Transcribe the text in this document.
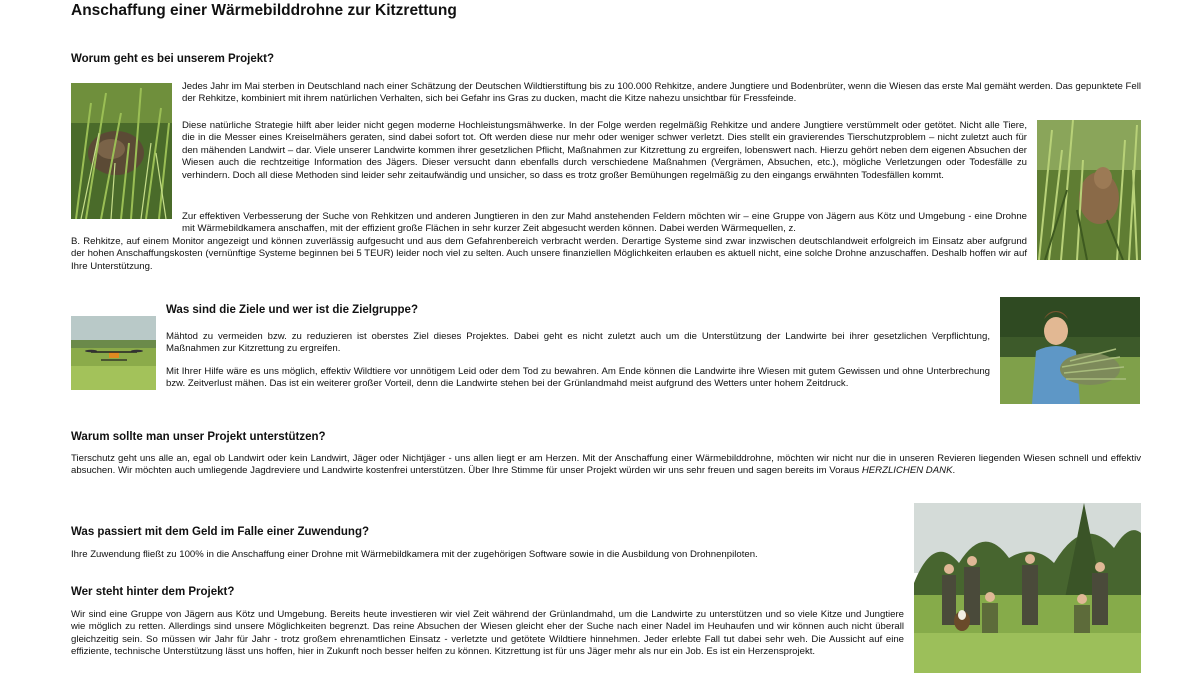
Anschaffung einer Wärmebilddrohne zur Kitzrettung
Worum geht es bei unserem Projekt?

Jedes Jahr im Mai sterben in Deutschland nach einer Schätzung der Deutschen Wildtierstiftung bis zu 100.000 Rehkitze, andere Jungtiere und Bodenbrüter, wenn die Wiesen das erste Mal gemäht werden. Das gepunktete Fell der Rehkitze, kombiniert mit ihrem natürlichen Verhalten, sich bei Gefahr ins Gras zu ducken, macht die Kitze nahezu unsichtbar für Fressfeinde.

Diese natürliche Strategie hilft aber leider nicht gegen moderne Hochleistungsmähwerke. In der Folge werden regelmäßig Rehkitze und andere Jungtiere verstümmelt oder getötet. Nicht alle Tiere, die in die Messer eines Kreiselmähers geraten, sind dabei sofort tot. Oft werden diese nur mehr oder weniger schwer verletzt. Dies stellt ein gravierendes Tierschutzproblem – nicht zuletzt auch für den mähenden Landwirt – dar. Viele unserer Landwirte kommen ihrer gesetzlichen Pflicht, Maßnahmen zur Kitzrettung zu ergreifen, lobenswert nach. Hierzu gehört neben dem eigenen Absuchen der Wiesen auch die rechtzeitige Information des Jägers. Dieser versucht dann ebenfalls durch verschiedene Maßnahmen (Vergrämen, Absuchen, etc.), mögliche Verletzungen oder Todesfälle zu verhindern. Doch all diese Methoden sind leider sehr zeitaufwändig und unsicher, so dass es trotz großer Bemühungen regelmäßig zu den eingangs erwähnten Todesfällen kommt.

Zur effektiven Verbesserung der Suche von Rehkitzen und anderen Jungtieren in den zur Mahd anstehenden Feldern möchten wir – eine Gruppe von Jägern aus Kötz und Umgebung - eine Drohne mit Wärmebildkamera anschaffen, mit der effizient große Flächen in sehr kurzer Zeit abgesucht werden können. Dabei werden Wärmequellen, z.

B. Rehkitze, auf einem Monitor angezeigt und können zuverlässig aufgesucht und aus dem Gefahrenbereich verbracht werden. Derartige Systeme sind zwar inzwischen deutschlandweit erfolgreich im Einsatz aber aufgrund der hohen Anschaffungskosten (vernünftige Systeme beginnen bei 5 TEUR) leider noch viel zu selten. Auch unsere finanziellen Möglichkeiten erlauben es aktuell nicht, eine solche Drohne anzuschaffen. Deshalb hoffen wir auf Ihre Unterstützung.

Was sind die Ziele und wer ist die Zielgruppe?

Mähtod zu vermeiden bzw. zu reduzieren ist oberstes Ziel dieses Projektes. Dabei geht es nicht zuletzt auch um die Unterstützung der Landwirte bei ihrer gesetzlichen Verpflichtung, Maßnahmen zur Kitzrettung zu ergreifen.

Mit Ihrer Hilfe wäre es uns möglich, effektiv Wildtiere vor unnötigem Leid oder dem Tod zu bewahren. Am Ende können die Landwirte ihre Wiesen mit gutem Gewissen und ohne Unterbrechung bzw. Zeitverlust mähen. Das ist ein weiterer großer Vorteil, denn die Landwirte stehen bei der Grünlandmahd meist aufgrund des Wetters unter hohem Zeitdruck.

Warum sollte man unser Projekt unterstützen?

Tierschutz geht uns alle an, egal ob Landwirt oder kein Landwirt, Jäger oder Nichtjäger - uns allen liegt er am Herzen. Mit der Anschaffung einer Wärmebilddrohne, möchten wir nicht nur die in unseren Revieren liegenden Wiesen schnell und effektiv absuchen. Wir möchten auch umliegende Jagdreviere und Landwirte kostenfrei unterstützen. Über Ihre Stimme für unser Projekt würden wir uns sehr freuen und sagen bereits im Voraus HERZLICHEN DANK.

Was passiert mit dem Geld im Falle einer Zuwendung?

Ihre Zuwendung fließt zu 100% in die Anschaffung einer Drohne mit Wärmebildkamera mit der zugehörigen Software sowie in die Ausbildung von Drohnenpiloten.

Wer steht hinter dem Projekt?

Wir sind eine Gruppe von Jägern aus Kötz und Umgebung. Bereits heute investieren wir viel Zeit während der Grünlandmahd, um die Landwirte zu unterstützen und so viele Kitze und Jungtiere wie möglich zu retten. Allerdings sind unsere Möglichkeiten begrenzt. Das reine Absuchen der Wiesen gleicht eher der Suche nach einer Nadel im Heuhaufen und wir können auch nicht überall gleichzeitig sein. So müssen wir Jahr für Jahr - trotz großem ehrenamtlichen Einsatz - verletzte und getötete Wildtiere hinnehmen. Jeder erlebte Fall tut dabei sehr weh. Die Aussicht auf eine effiziente, technische Unterstützung lässt uns hoffen, hier in Zukunft noch besser helfen zu können. Kitzrettung ist für uns Jäger mehr als nur ein Job. Es ist ein Herzensprojekt.
